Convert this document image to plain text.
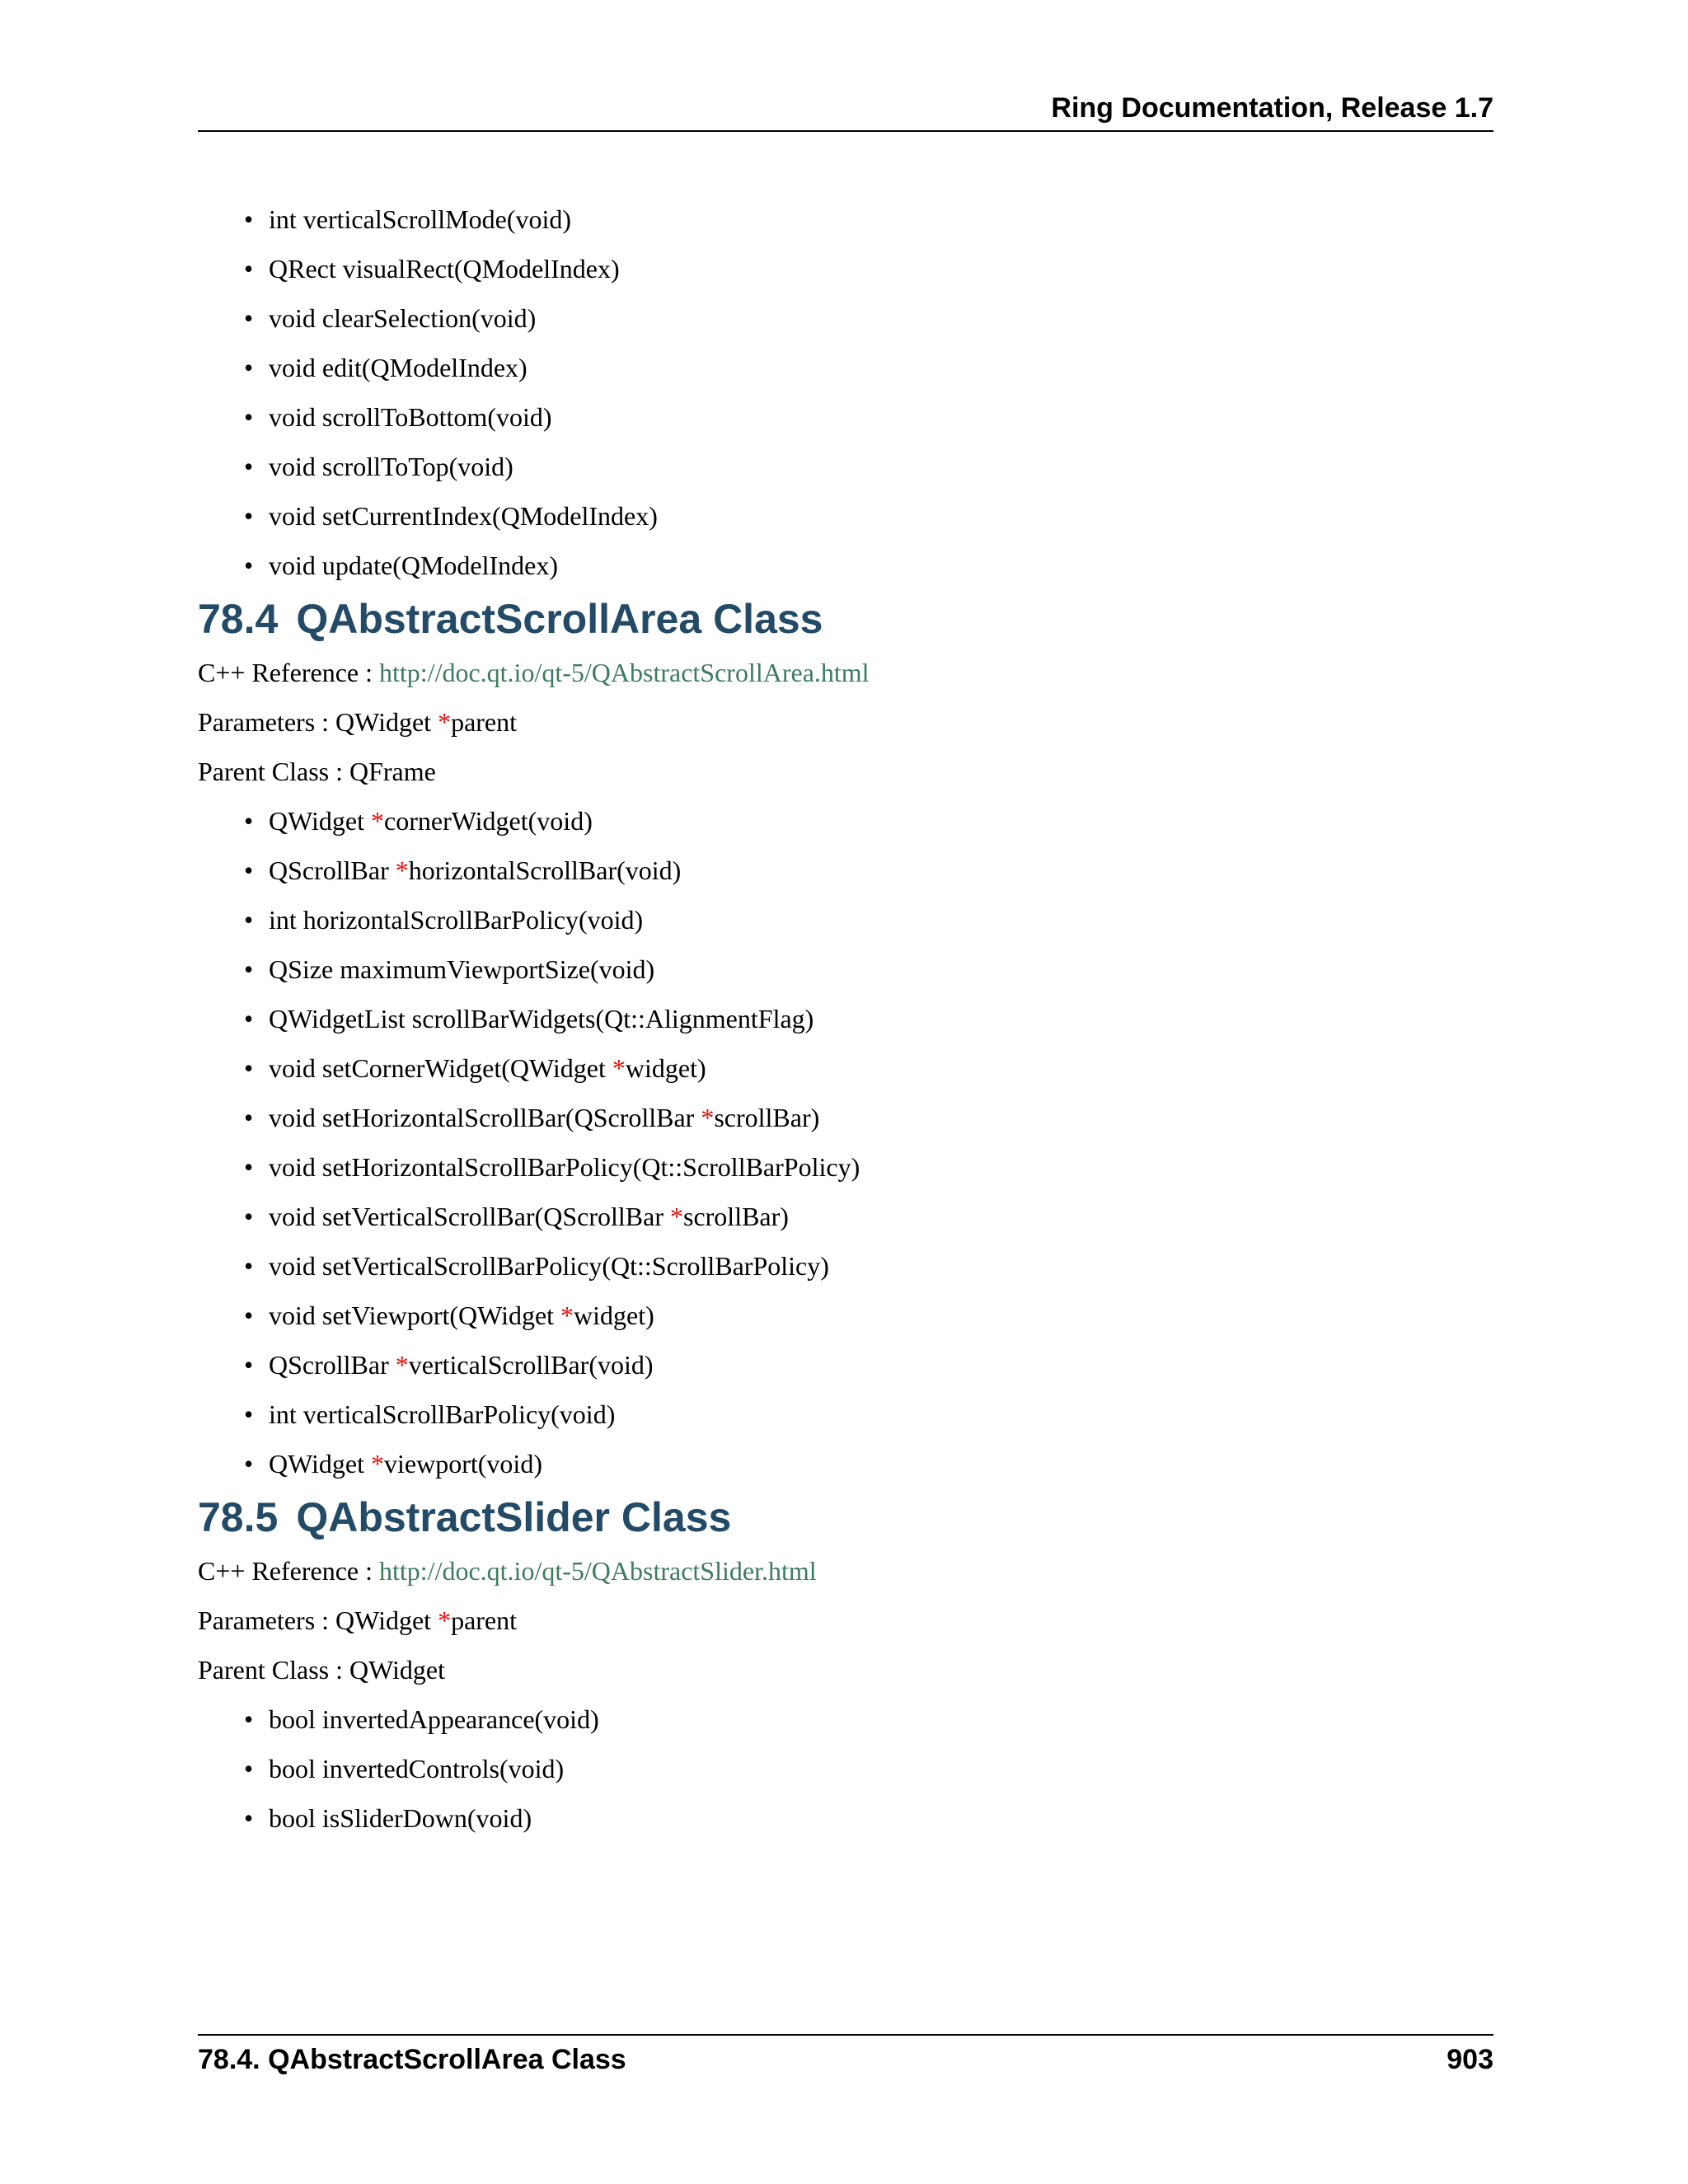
Ring Documentation, Release 1.7
• int verticalScrollMode(void)
• QRect visualRect(QModelIndex)
• void clearSelection(void)
• void edit(QModelIndex)
• void scrollToBottom(void)
• void scrollToTop(void)
• void setCurrentIndex(QModelIndex)
• void update(QModelIndex)
78.4 QAbstractScrollArea Class

C++ Reference : http://doc.qt.io/qt-5/QAbstractScrollArea.html

Parameters : QWidget *parent

Parent Class : QFrame

• QWidget *cornerWidget(void)
• QScrollBar *horizontalScrollBar(void)
• int horizontalScrollBarPolicy(void)
• QSize maximumViewportSize(void)
• QWidgetList scrollBarWidgets(Qt::AlignmentFlag)
• void setCornerWidget(QWidget *widget)
• void setHorizontalScrollBar(QScrollBar *scrollBar)
• void setHorizontalScrollBarPolicy(Qt::ScrollBarPolicy)
• void setVerticalScrollBar(QScrollBar *scrollBar)
• void setVerticalScrollBarPolicy(Qt::ScrollBarPolicy)
• void setViewport(QWidget *widget)
• QScrollBar *verticalScrollBar(void)
• int verticalScrollBarPolicy(void)
• QWidget *viewport(void)
78.5 QAbstractSlider Class

C++ Reference : http://doc.qt.io/qt-5/QAbstractSlider.html

Parameters : QWidget *parent

Parent Class : QWidget

• bool invertedAppearance(void)
• bool invertedControls(void)
• bool isSliderDown(void)
78.4. QAbstractScrollArea Class	903
